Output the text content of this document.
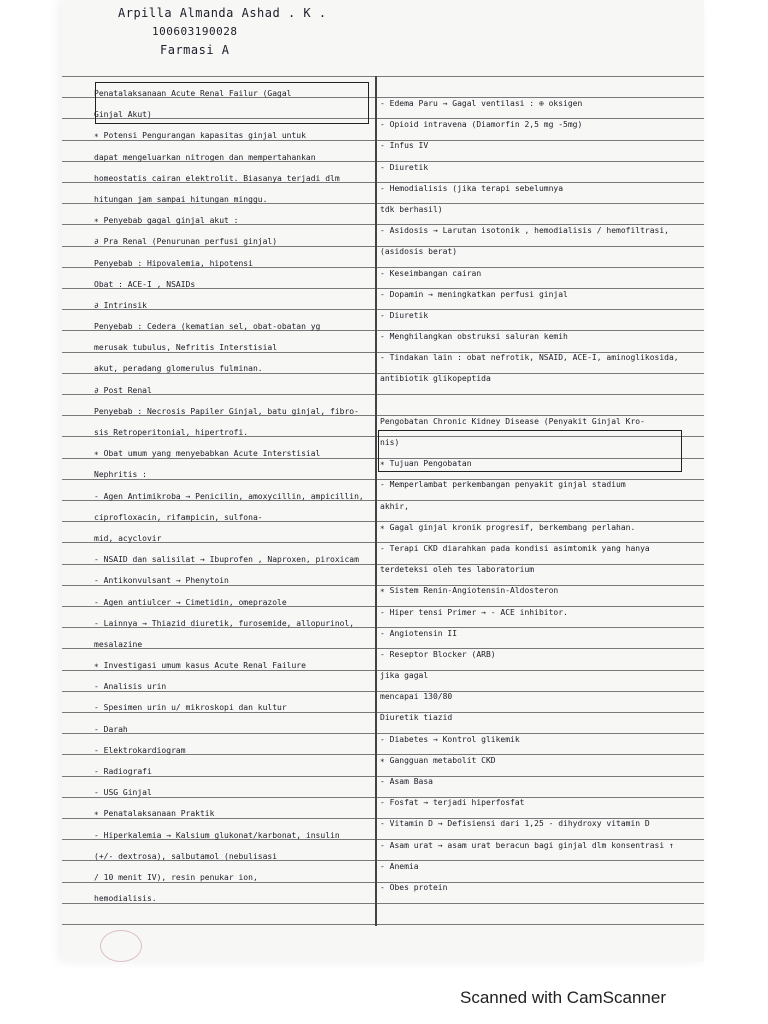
Arpilla Almanda Ashad . K .
100603190028
Farmasi A
Penatalaksanaan Acute Renal Failur (Gagal
Ginjal Akut)
∗ Potensi Pengurangan kapasitas ginjal untuk
dapat mengeluarkan nitrogen dan mempertahankan
homeostatis cairan elektrolit. Biasanya terjadi dlm
hitungan jam sampai hitungan minggu.
∗ Penyebab gagal ginjal akut :
∂ Pra Renal (Penurunan perfusi ginjal)
Penyebab : Hipovalemia, hipotensi
Obat : ACE-I , NSAIDs
∂ Intrinsik
Penyebab : Cedera (kematian sel, obat-obatan yg
merusak tubulus, Nefritis Interstisial
akut, peradang glomerulus fulminan.
∂ Post Renal
Penyebab : Necrosis Papiler Ginjal, batu ginjal, fibro-
sis Retroperitonial, hipertrofi.
∗ Obat umum yang menyebabkan Acute Interstisial
Nephritis :
- Agen Antimikroba → Penicilin, amoxycillin, ampicillin,
ciprofloxacin, rifampicin, sulfona-
mid, acyclovir
- NSAID dan salisilat → Ibuprofen , Naproxen, piroxicam
- Antikonvulsant → Phenytoin
- Agen antiulcer → Cimetidin, omeprazole
- Lainnya → Thiazid diuretik, furosemide, allopurinol,
mesalazine
∗ Investigasi umum kasus Acute Renal Failure
- Analisis urin
- Spesimen urin u/ mikroskopi dan kultur
- Darah
- Elektrokardiogram
- Radiografi
- USG Ginjal
∗ Penatalaksanaan Praktik
- Hiperkalemia → Kalsium glukonat/karbonat, insulin
(+/- dextrosa), salbutamol (nebulisasi
/ 10 menit IV), resin penukar ion,
hemodialisis.
- Edema Paru → Gagal ventilasi : ⊕ oksigen
- Opioid intravena (Diamorfin 2,5 mg -5mg)
- Infus IV
- Diuretik
- Hemodialisis (jika terapi sebelumnya
tdk berhasil)
- Asidosis → Larutan isotonik , hemodialisis / hemofiltrasi,
(asidosis berat)
- Keseimbangan cairan
- Dopamin → meningkatkan perfusi ginjal
- Diuretik
- Menghilangkan obstruksi saluran kemih
- Tindakan lain : obat nefrotik, NSAID, ACE-I, aminoglikosida,
antibiotik glikopeptida
Pengobatan Chronic Kidney Disease (Penyakit Ginjal Kro-
nis)
∗ Tujuan Pengobatan
- Memperlambat perkembangan penyakit ginjal stadium
akhir,
∗ Gagal ginjal kronik progresif, berkembang perlahan.
- Terapi CKD diarahkan pada kondisi asimtomik yang hanya
terdeteksi oleh tes laboratorium
∗ Sistem Renin-Angiotensin-Aldosteron
- Hiper tensi Primer → - ACE inhibitor.
- Angiotensin II
- Reseptor Blocker (ARB)
jika gagal
mencapai 130/80
Diuretik tiazid
- Diabetes → Kontrol glikemik
∗ Gangguan metabolit CKD
- Asam Basa
- Fosfat → terjadi hiperfosfat
- Vitamin D → Defisiensi dari 1,25 - dihydroxy vitamin D
- Asam urat → asam urat beracun bagi ginjal dlm konsentrasi ↑
- Anemia
- Obes protein
Scanned with CamScanner
